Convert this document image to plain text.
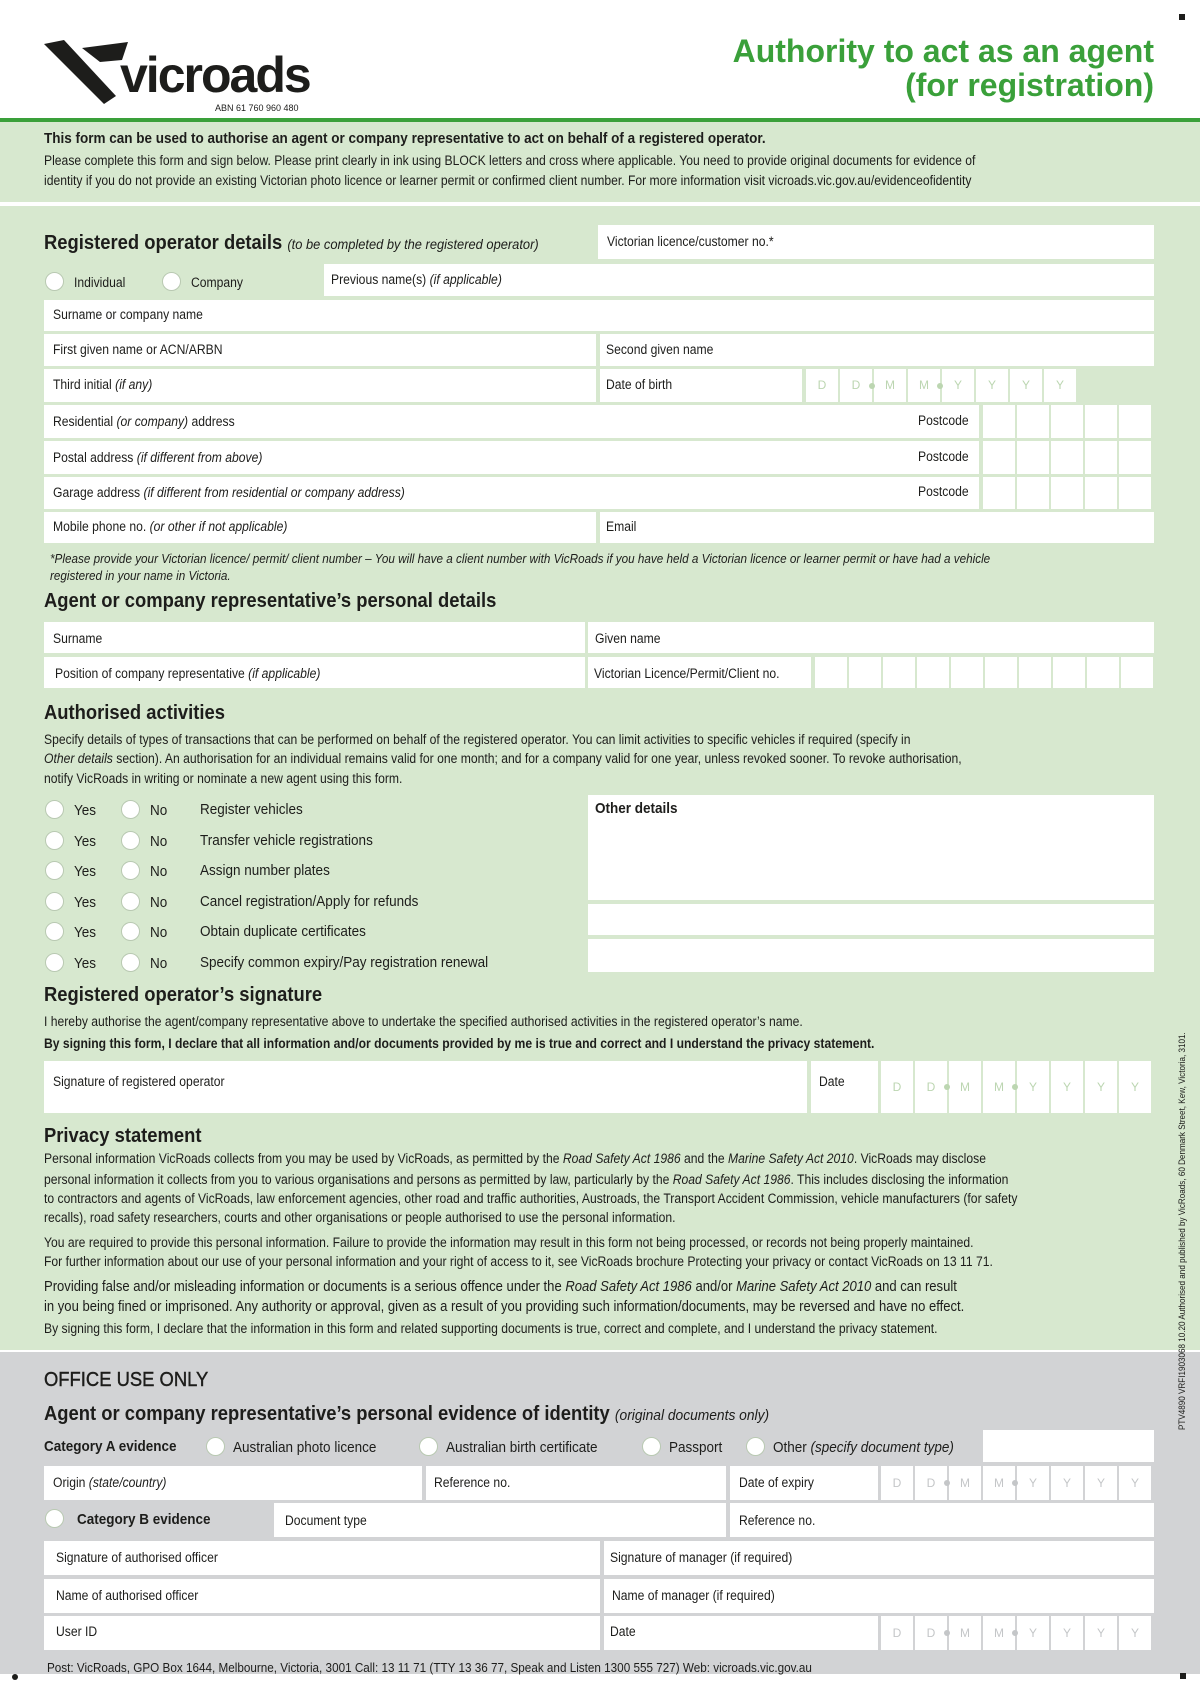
vicroads
ABN 61 760 960 480
Authority to act as an agent
(for registration)
This form can be used to authorise an agent or company representative to act on behalf of a registered operator.
Please complete this form and sign below. Please print clearly in ink using BLOCK letters and cross where applicable. You need to provide original documents for evidence of
identity if you do not provide an existing Victorian photo licence or learner permit or confirmed client number. For more information visit vicroads.vic.gov.au/evidenceofidentity
Registered operator details (to be completed by the registered operator)	Victorian licence/customer no.*
Individual	Company	Previous name(s) (if applicable)
Surname or company name
First given name or ACN/ARBN	Second given name
Third initial (if any)	Date of birth	D	D	M	M	Y	Y	Y	Y
Residential (or company) address	Postcode
Postal address (if different from above)	Postcode
Garage address (if different from residential or company address)	Postcode
Mobile phone no. (or other if not applicable)	Email
*Please provide your Victorian licence/ permit/ client number – You will have a client number with VicRoads if you have held a Victorian licence or learner permit or have had a vehicle
registered in your name in Victoria.
Agent or company representative’s personal details
Surname	Given name
Position of company representative (if applicable)	Victorian Licence/Permit/Client no.
Authorised activities
Specify details of types of transactions that can be performed on behalf of the registered operator. You can limit activities to specific vehicles if required (specify in
Other details section). An authorisation for an individual remains valid for one month; and for a company valid for one year, unless revoked sooner. To revoke authorisation,
notify VicRoads in writing or nominate a new agent using this form.
Yes	No Register vehicles
Yes	No Transfer vehicle registrations
Yes	No Assign number plates
Yes	No Cancel registration/Apply for refunds
Yes	No Obtain duplicate certificates
Yes	No Specify common expiry/Pay registration renewal
Other details
Registered operator’s signature
I hereby authorise the agent/company representative above to undertake the specified authorised activities in the registered operator’s name.
By signing this form, I declare that all information and/or documents provided by me is true and correct and I understand the privacy statement.
Signature of registered operator	Date	D	D	M	M	Y	Y	Y	Y
Privacy statement
Personal information VicRoads collects from you may be used by VicRoads, as permitted by the Road Safety Act 1986 and the Marine Safety Act 2010. VicRoads may disclose
personal information it collects from you to various organisations and persons as permitted by law, particularly by the Road Safety Act 1986. This includes disclosing the information
to contractors and agents of VicRoads, law enforcement agencies, other road and traffic authorities, Austroads, the Transport Accident Commission, vehicle manufacturers (for safety
recalls), road safety researchers, courts and other organisations or people authorised to use the personal information.
You are required to provide this personal information. Failure to provide the information may result in this form not being processed, or records not being properly maintained.
For further information about our use of your personal information and your right of access to it, see VicRoads brochure Protecting your privacy or contact VicRoads on 13 11 71.
Providing false and/or misleading information or documents is a serious offence under the Road Safety Act 1986 and/or Marine Safety Act 2010 and can result
in you being fined or imprisoned. Any authority or approval, given as a result of you providing such information/documents, may be reversed and have no effect.
By signing this form, I declare that the information in this form and related supporting documents is true, correct and complete, and I understand the privacy statement.
OFFICE USE ONLY
Agent or company representative’s personal evidence of identity (original documents only)
Category A evidence	Australian photo licence	Australian birth certificate	Passport	Other (specify document type)
Origin (state/country)	Reference no.	Date of expiry	D	D	M	M	Y	Y	Y	Y
Category B evidence	Document type	Reference no.
Signature of authorised officer	Signature of manager (if required)
Name of authorised officer	Name of manager (if required)
User ID	Date	D	D	M	M	Y	Y	Y	Y
Post: VicRoads, GPO Box 1644, Melbourne, Victoria, 3001 Call: 13 11 71 (TTY 13 36 77, Speak and Listen 1300 555 727) Web: vicroads.vic.gov.au
PTV4890 VRFI1903068 10.20 Authorised and published by VicRoads, 60 Denmark Street, Kew, Victoria, 3101.
